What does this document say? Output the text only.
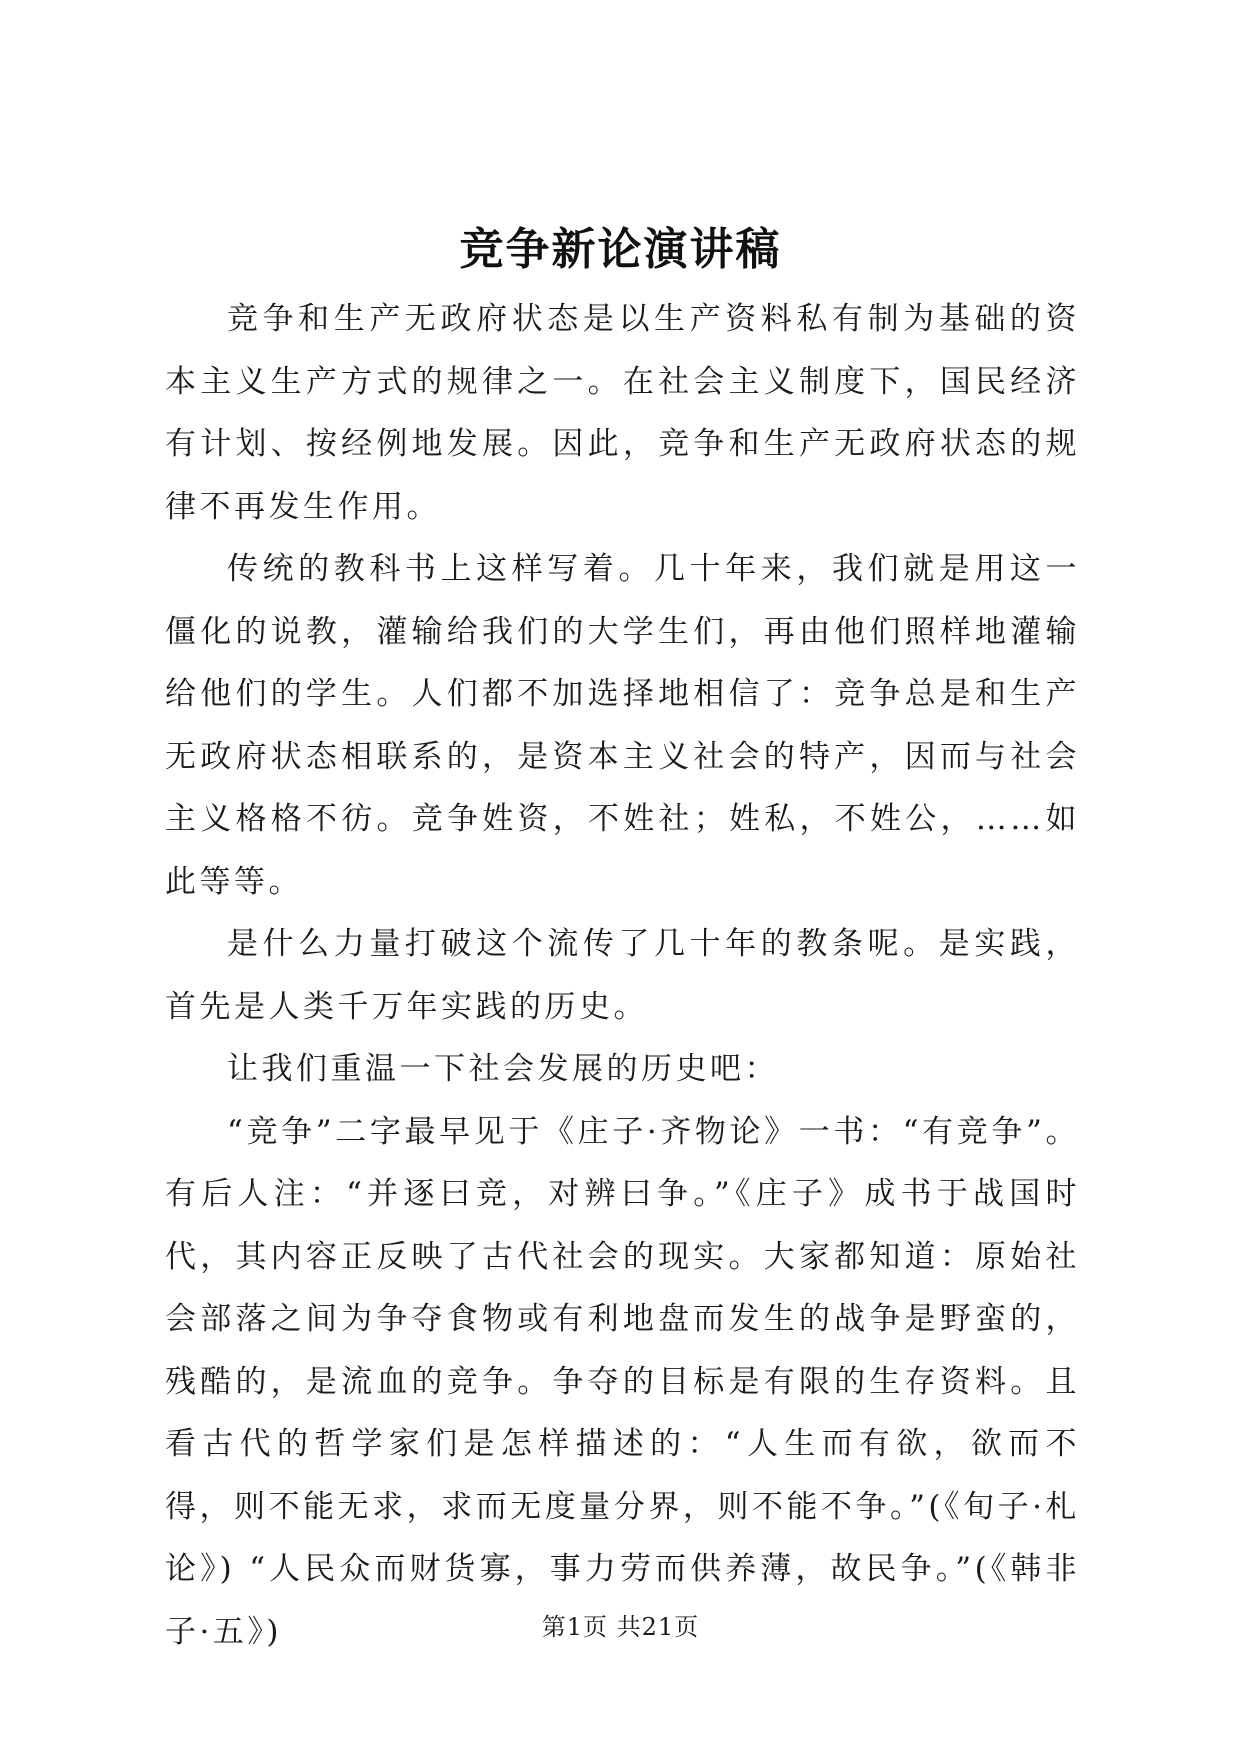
竞争新论演讲稿

竞争和生产无政府状态是以生产资料私有制为基础的资本主义生产方式的规律之一。在社会主义制度下，国民经济有计划、按经例地发展。因此，竞争和生产无政府状态的规律不再发生作用。

传统的教科书上这样写着。几十年来，我们就是用这一僵化的说教，灌输给我们的大学生们，再由他们照样地灌输给他们的学生。人们都不加选择地相信了：竞争总是和生产无政府状态相联系的，是资本主义社会的特产，因而与社会主义格格不彷。竞争姓资，不姓社；姓私，不姓公，……如此等等。

是什么力量打破这个流传了几十年的教条呢。是实践，首先是人类千万年实践的历史。

让我们重温一下社会发展的历史吧：

“竞争”二字最早见于《庄子·齐物论》一书：“有竞争”。有后人注：“并逐曰竞，对辨曰争。”《庄子》成书于战国时代，其内容正反映了古代社会的现实。大家都知道：原始社会部落之间为争夺食物或有利地盘而发生的战争是野蛮的，残酷的，是流血的竞争。争夺的目标是有限的生存资料。且看古代的哲学家们是怎样描述的：“人生而有欲，欲而不得，则不能无求，求而无度量分界，则不能不争。”(《旬子·札论》) “人民众而财货寡，事力劳而供养薄，故民争。”(《韩非子·五》)	第1页 共21页
